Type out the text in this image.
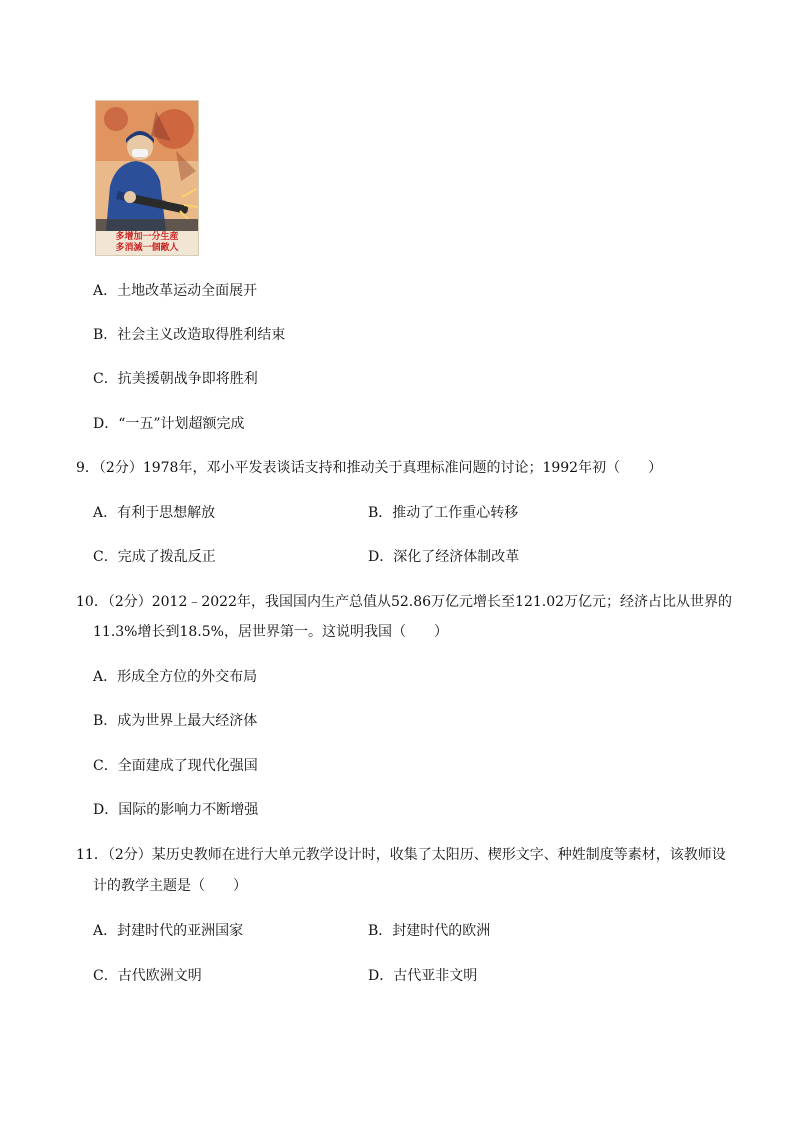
多增加一分生産
多消滅一個敵人
A．土地改革运动全面展开
B．社会主义改造取得胜利结束
C．抗美援朝战争即将胜利
D．“一五”计划超额完成
9．（2分）1978年，邓小平发表谈话支持和推动关于真理标准问题的讨论；1992年初（　　）
A．有利于思想解放	B．推动了工作重心转移
C．完成了拨乱反正	D．深化了经济体制改革
10．（2分）2012﹣2022年，我国国内生产总值从52.86万亿元增长至121.02万亿元；经济占比从世界的
11.3%增长到18.5%，居世界第一。这说明我国（　　）
A．形成全方位的外交布局
B．成为世界上最大经济体
C．全面建成了现代化强国
D．国际的影响力不断增强
11．（2分）某历史教师在进行大单元教学设计时，收集了太阳历、楔形文字、种姓制度等素材，该教师设
计的教学主题是（　　）
A．封建时代的亚洲国家	B．封建时代的欧洲
C．古代欧洲文明	D．古代亚非文明
